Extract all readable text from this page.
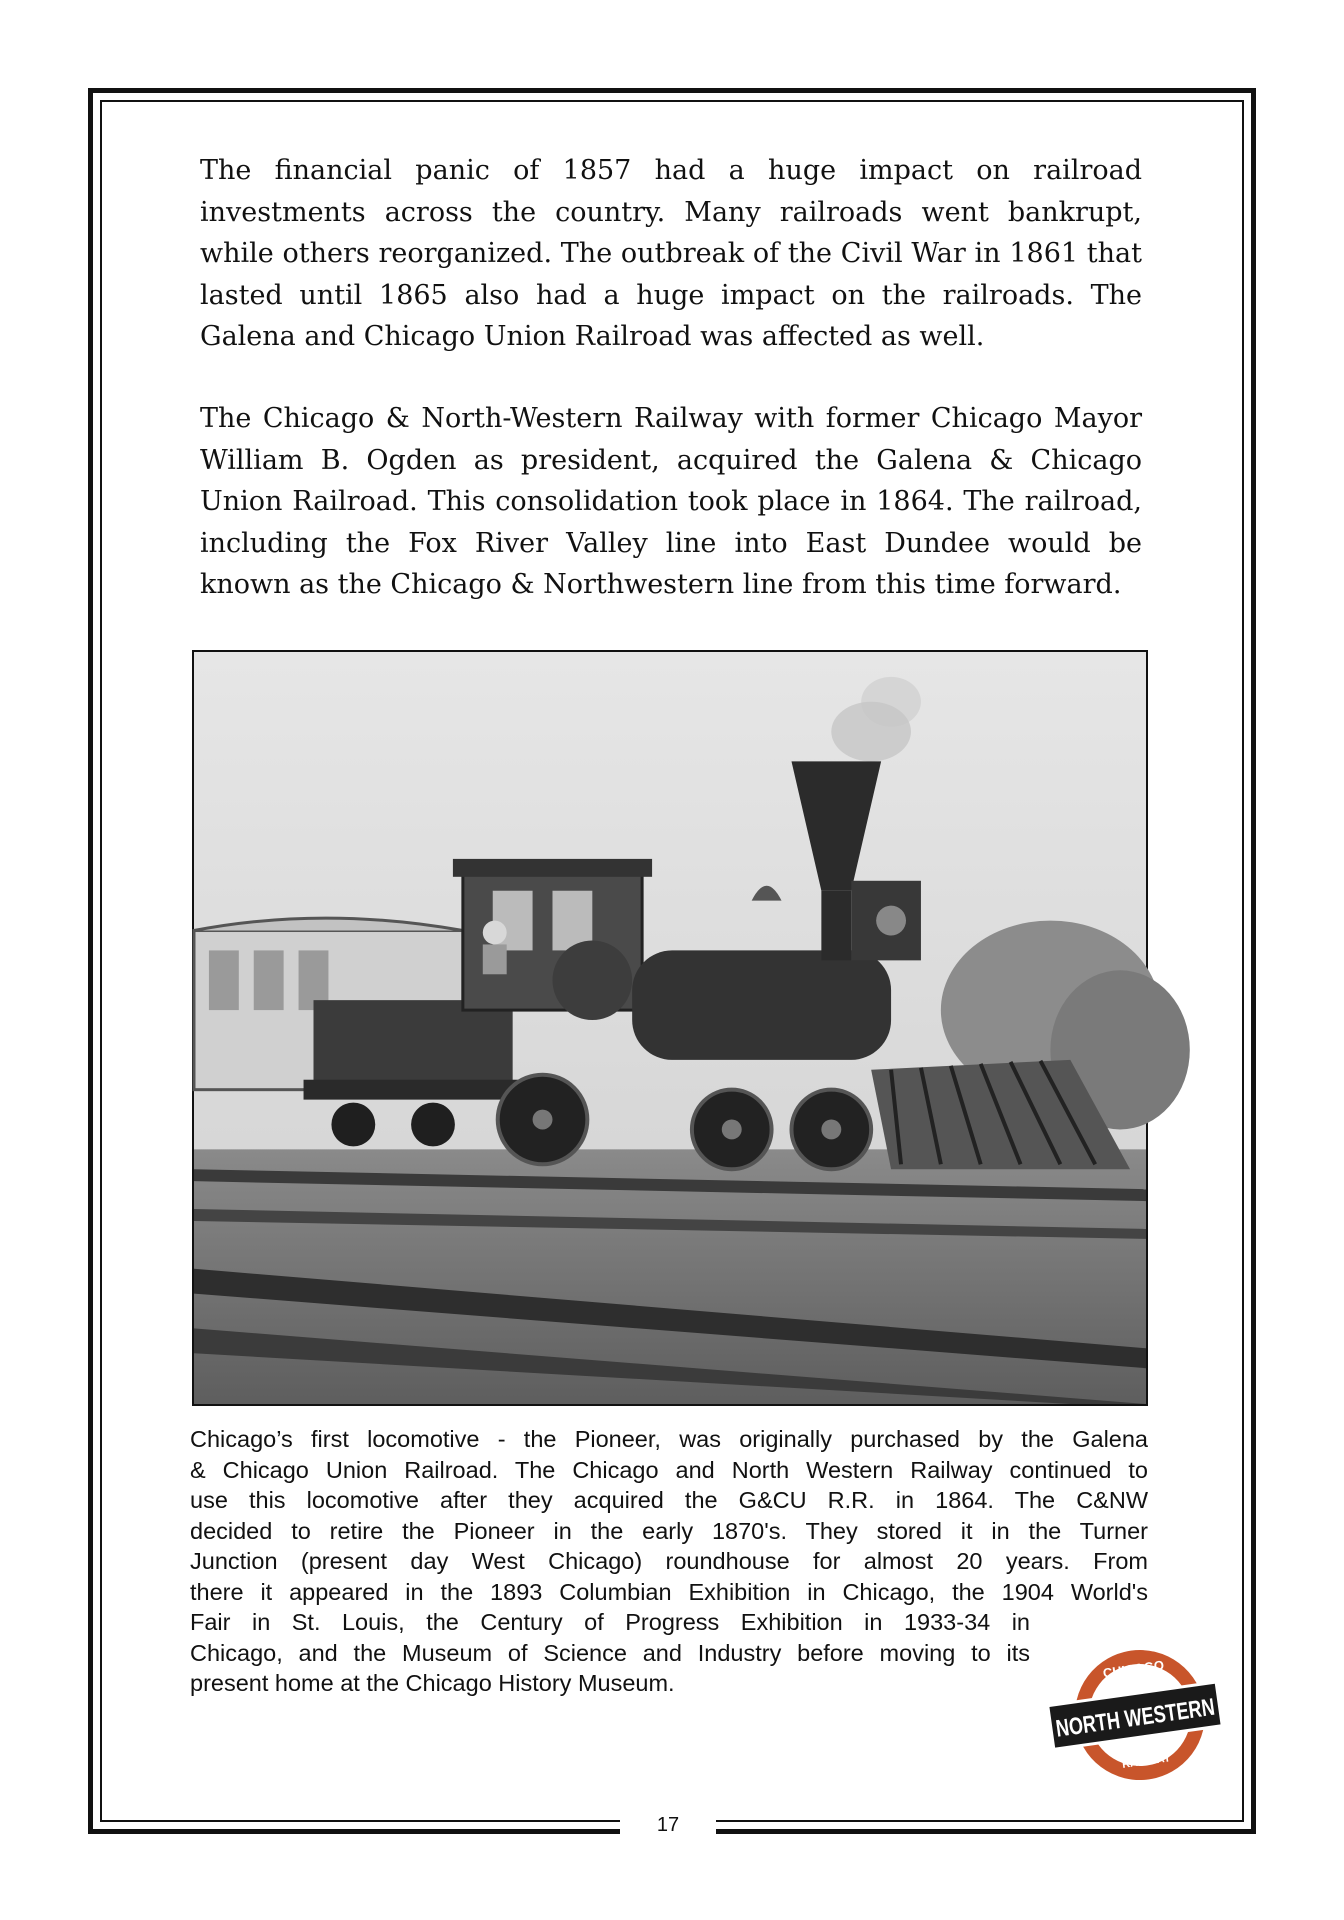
17

The financial panic of 1857 had a huge impact on railroad investments across the country. Many railroads went bankrupt, while others reorganized. The outbreak of the Civil War in 1861 that lasted until 1865 also had a huge impact on the railroads. The Galena and Chicago Union Railroad was affected as well.

The Chicago & North-Western Railway with former Chicago Mayor William B. Ogden as president, acquired the Galena & Chicago Union Railroad. This consolidation took place in 1864. The railroad, including the Fox River Valley line into East Dundee would be known as the Chicago & Northwestern line from this time forward.

Chicago’s first locomotive - the Pioneer, was originally purchased by the Galena
& Chicago Union Railroad. The Chicago and North Western Railway continued to
use this locomotive after they acquired the G&CU R.R. in 1864. The C&NW
decided to retire the Pioneer in the early 1870's. They stored it in the Turner
Junction (present day West Chicago) roundhouse for almost 20 years. From
there it appeared in the 1893 Columbian Exhibition in Chicago, the 1904 World's
Fair in St. Louis, the Century of Progress Exhibition in 1933-34 in
Chicago, and the Museum of Science and Industry before moving to its
present home at the Chicago History Museum.

CHICAGO
NORTH WESTERN
RAILWAY
